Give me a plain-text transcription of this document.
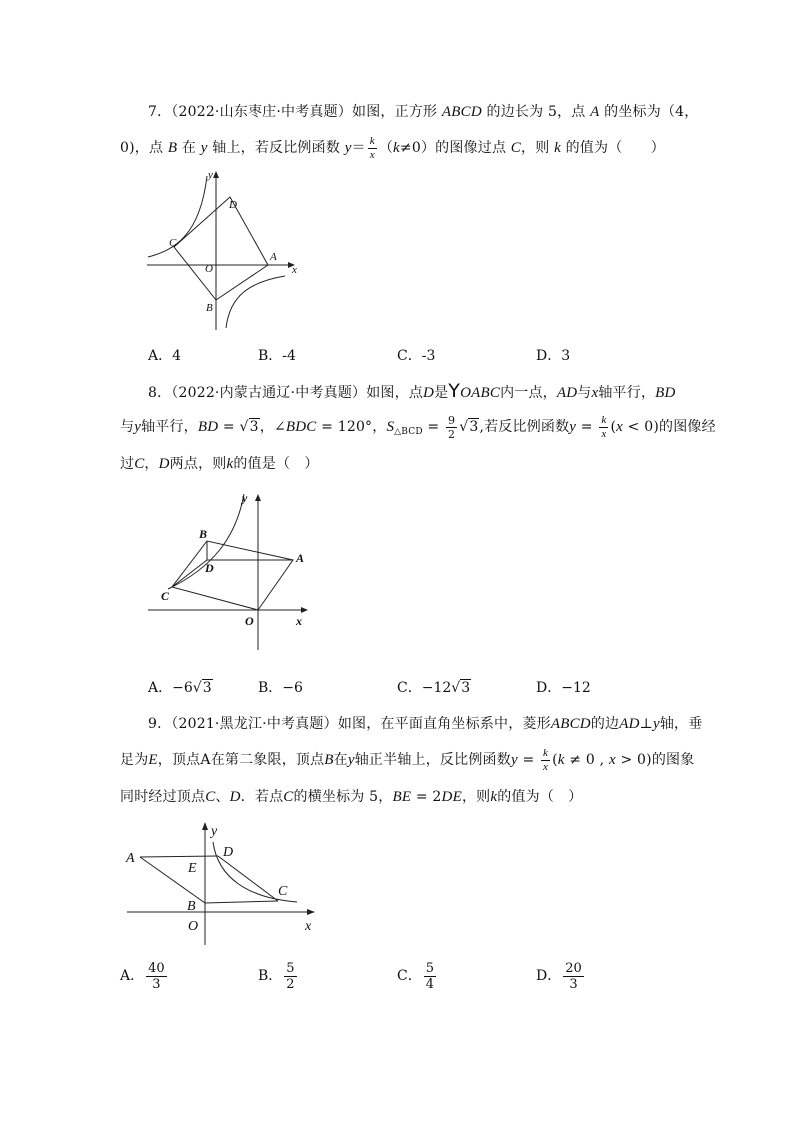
7．（2022·山东枣庄·中考真题）如图，正方形 ABCD 的边长为 5，点 A 的坐标为（4，
0)，点 B 在 y 轴上，若反比例函数 $y= \frac{k}{x} (k\ne 0)$的图像过点 C，则 k 的值为（　　）
y
D
C
O
A
x
B
A．4	B．-4	C．-3	D．3
8．（2022·内蒙古通辽·中考真题）如图，点D是YOABC内一点，AD与x轴平行，BD
与y轴平行，BD = √3，∠BDC = 120°，$S_{\triangle BCD} = \frac{9}{2} √3$,若反比例函数$y = \frac{k}{x} (x < 0)$的图像经
过C，D两点，则k的值是（　）
y
B
A
D
C
O	x
A．−6√3	B．−6	C．−12√3	D．−12
9．（2021·黑龙江·中考真题）如图，在平面直角坐标系中，菱形ABCD的边AD⊥y轴，垂
足为E，顶点A在第二象限，顶点B在y轴正半轴上，反比例函数$y = \frac{k}{x} (k \ne 0$ , x > 0)的图象
同时经过顶点C、D．若点C的横坐标为 5，BE = 2DE，则k的值为（　）
y
A
E
D
C
B
O	x
A． $\frac{40}{3}$	B． $\frac{5}{2}$	C． $\frac{5}{4}$	D． $\frac{20}{3}$
